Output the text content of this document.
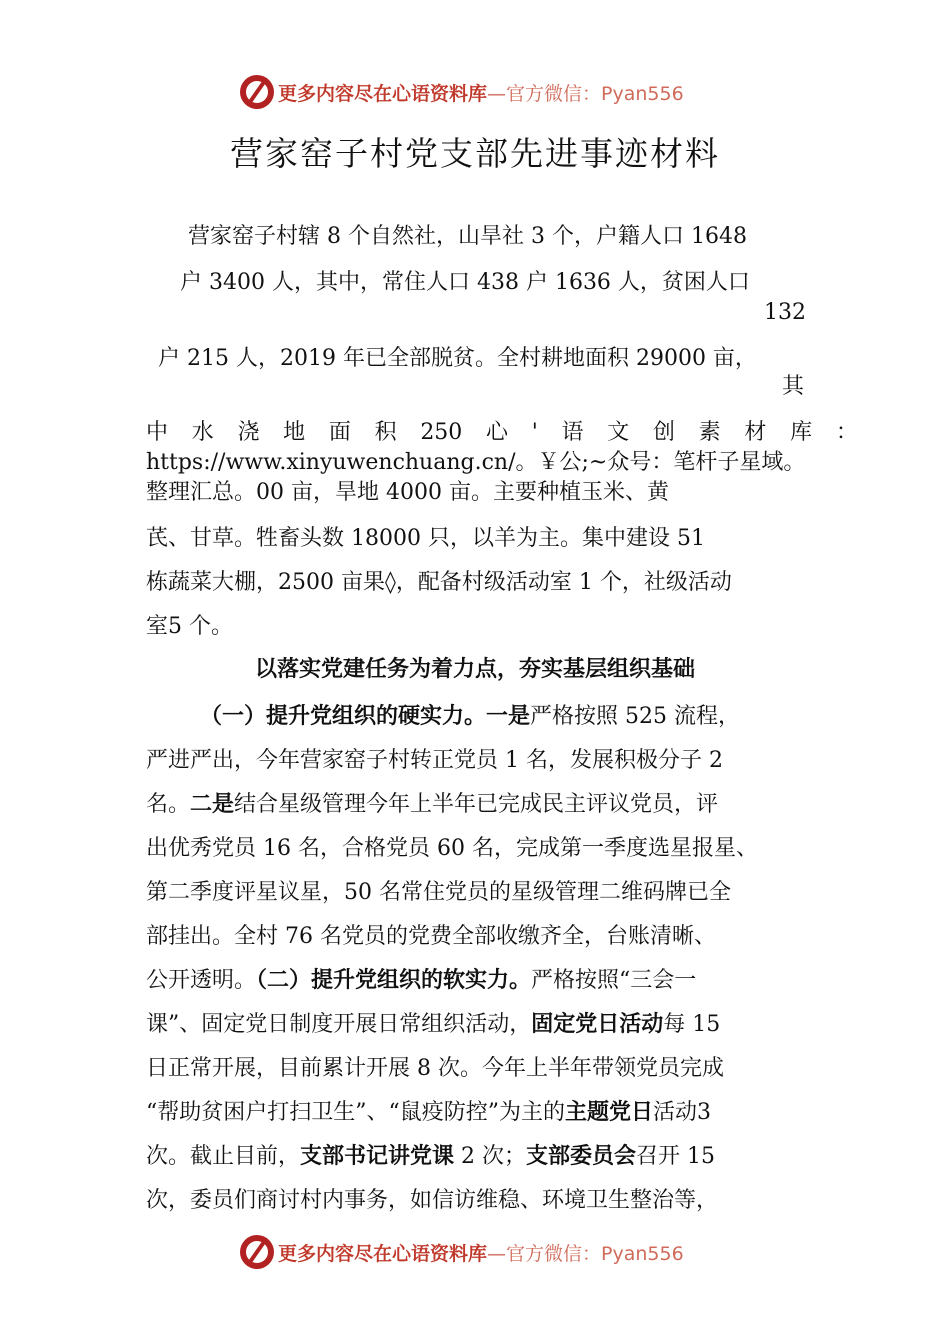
更多内容尽在心语资料库—官方微信：Pyan556
营家窑子村党支部先进事迹材料
营家窑子村辖 8 个自然社，山旱社 3 个，户籍人口 1648
户 3400 人，其中，常住人口 438 户 1636 人，贫困人口
132
户 215 人，2019 年已全部脱贫。全村耕地面积 29000 亩，
其
中 水 浇 地 面 积 250 心 ' 语 文 创 素 材 库 ：
https://www.xinyuwenchuang.cn/。￥公;~众号：笔杆子星域。
整理汇总。00 亩，旱地 4000 亩。主要种植玉米、黄
芪、甘草。牲畜头数 18000 只，以羊为主。集中建设 51
栋蔬菜大棚，2500 亩果◊，配备村级活动室 1 个，社级活动
室5 个。
以落实党建任务为着力点，夯实基层组织基础
（一）提升党组织的硬实力。一是严格按照 525 流程，
严进严出，今年营家窑子村转正党员 1 名，发展积极分子 2
名。二是结合星级管理今年上半年已完成民主评议党员，评
出优秀党员 16 名，合格党员 60 名，完成第一季度选星报星、
第二季度评星议星，50 名常住党员的星级管理二维码牌已全
部挂出。全村 76 名党员的党费全部收缴齐全，台账清晰、
公开透明。（二）提升党组织的软实力。严格按照“三会一
课”、固定党日制度开展日常组织活动，固定党日活动每 15
日正常开展，目前累计开展 8 次。今年上半年带领党员完成
“帮助贫困户打扫卫生”、“鼠疫防控”为主的主题党日活动3
次。截止目前，支部书记讲党课 2 次；支部委员会召开 15
次，委员们商讨村内事务，如信访维稳、环境卫生整治等，
更多内容尽在心语资料库—官方微信：Pyan556
